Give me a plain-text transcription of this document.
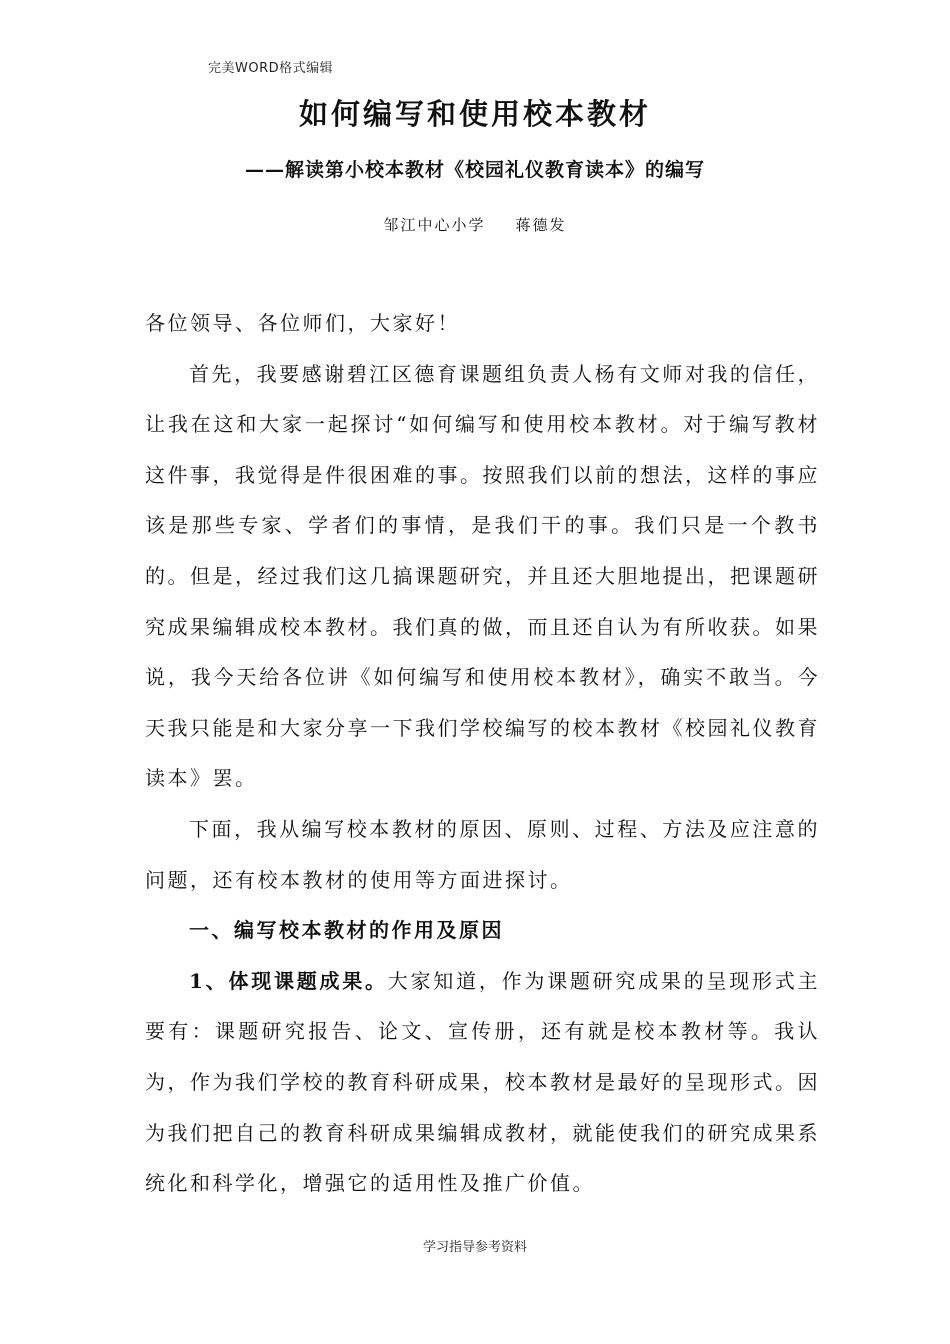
完美WORD格式编辑
如何编写和使用校本教材
——解读第小校本教材《校园礼仪教育读本》的编写
邹江中心小学 蒋德发

各位领导、各位师们，大家好！

首先，我要感谢碧江区德育课题组负责人杨有文师对我的信任，让我在这和大家一起探讨“如何编写和使用校本教材。对于编写教材这件事，我觉得是件很困难的事。按照我们以前的想法，这样的事应该是那些专家、学者们的事情，是我们干的事。我们只是一个教书的。但是，经过我们这几搞课题研究，并且还大胆地提出，把课题研究成果编辑成校本教材。我们真的做，而且还自认为有所收获。如果说，我今天给各位讲《如何编写和使用校本教材》，确实不敢当。今天我只能是和大家分享一下我们学校编写的校本教材《校园礼仪教育读本》罢。

下面，我从编写校本教材的原因、原则、过程、方法及应注意的问题，还有校本教材的使用等方面进探讨。

一、编写校本教材的作用及原因

1、体现课题成果。大家知道，作为课题研究成果的呈现形式主要有：课题研究报告、论文、宣传册，还有就是校本教材等。我认为，作为我们学校的教育科研成果，校本教材是最好的呈现形式。因为我们把自己的教育科研成果编辑成教材，就能使我们的研究成果系统化和科学化，增强它的适用性及推广价值。

学习指导参考资料
